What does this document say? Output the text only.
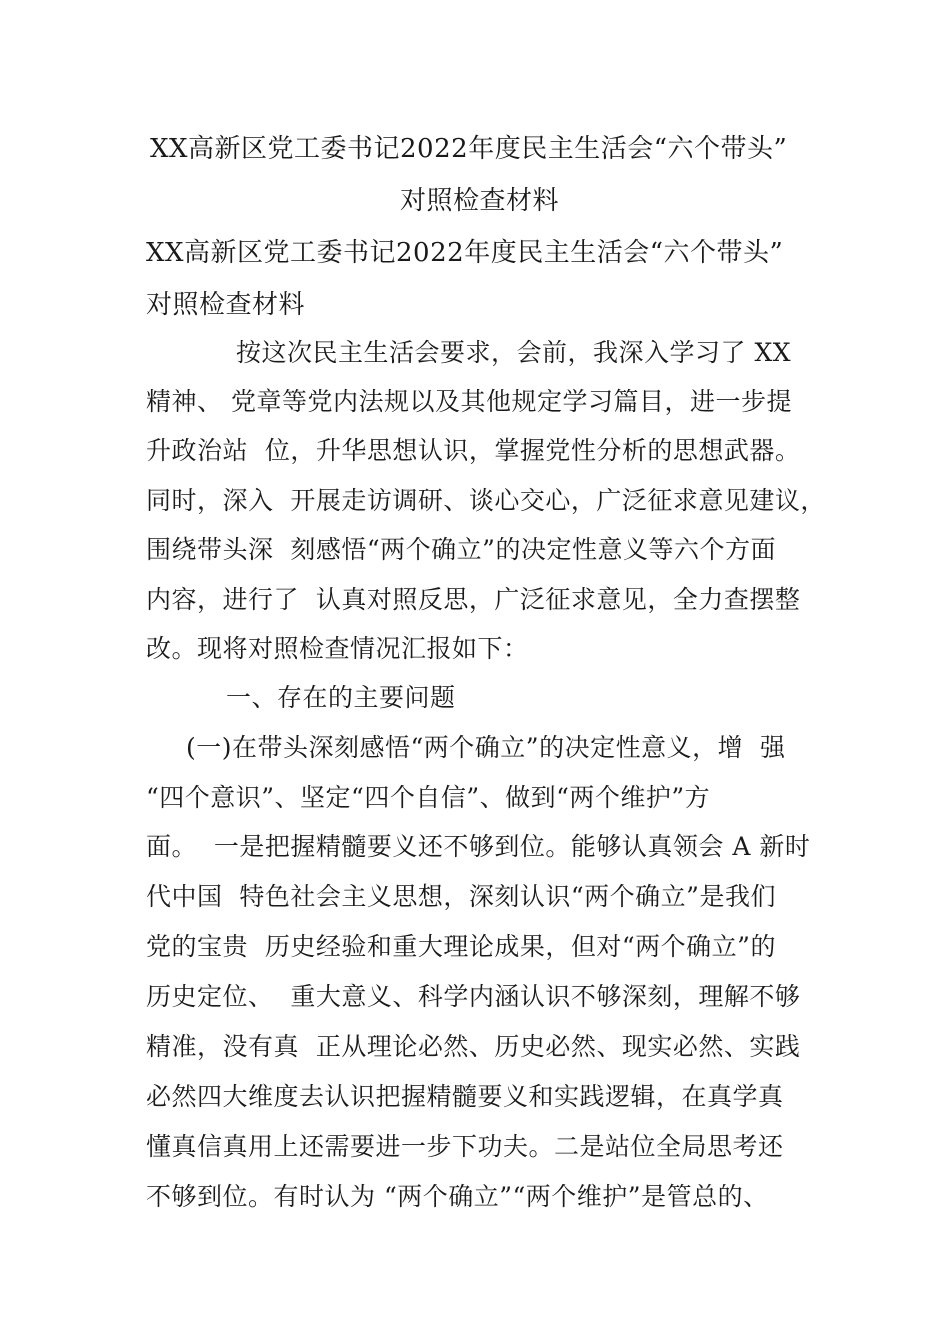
XX高新区党工委书记2022年度民主生活会“六个带头”
对照检查材料
XX高新区党工委书记2022年度民主生活会“六个带头”
对照检查材料
按这次民主生活会要求，会前，我深入学习了 XX
精神、 党章等党内法规以及其他规定学习篇目，进一步提
升政治站  位，升华思想认识，掌握党性分析的思想武器。
同时，深入  开展走访调研、谈心交心，广泛征求意见建议，
围绕带头深  刻感悟“两个确立”的决定性意义等六个方面
内容，进行了  认真对照反思，广泛征求意见，全力查摆整
改。现将对照检查情况汇报如下：
一、存在的主要问题
(一)在带头深刻感悟“两个确立”的决定性意义，增  强
“四个意识”、坚定“四个自信”、做到“两个维护”方
面。  一是把握精髓要义还不够到位。能够认真领会 A 新时
代中国  特色社会主义思想，深刻认识“两个确立”是我们
党的宝贵  历史经验和重大理论成果，但对“两个确立”的
历史定位、  重大意义、科学内涵认识不够深刻，理解不够
精准，没有真  正从理论必然、历史必然、现实必然、实践
必然四大维度去认识把握精髓要义和实践逻辑，在真学真
懂真信真用上还需要进一步下功夫。二是站位全局思考还
不够到位。有时认为 “两个确立”“两个维护”是管总的、
